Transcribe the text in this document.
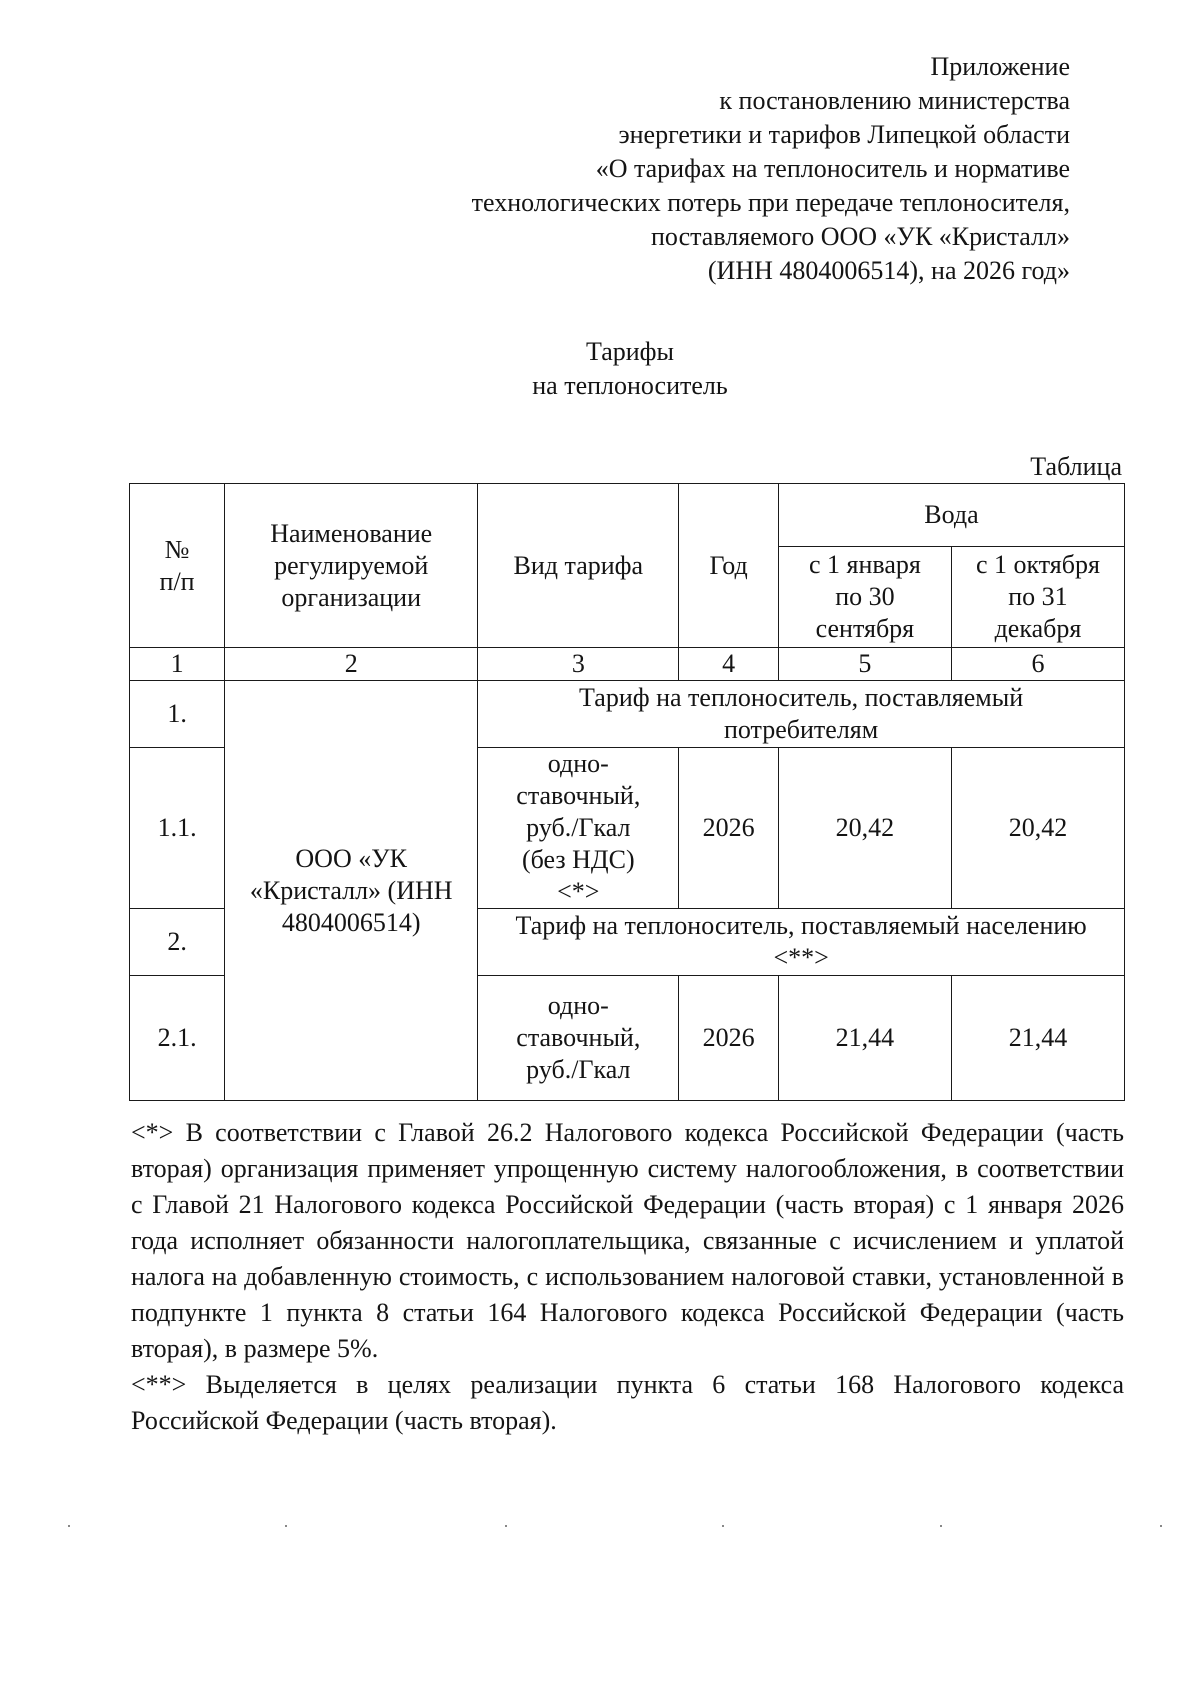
Приложение
к постановлению министерства
энергетики и тарифов Липецкой области
«О тарифах на теплоноситель и нормативе
технологических потерь при передаче теплоносителя,
поставляемого ООО «УК «Кристалл»
(ИНН 4804006514), на 2026 год»
Тарифы
на теплоноситель
Таблица
№ п/п	Наименование регулируемой организации	Вид тарифа	Год	Вода	
				с 1 января по 30 сентября	с 1 октября по 31 декабря
1	2	3	4	5	6
1.	ООО «УК «Кристалл» (ИНН 4804006514)	Тариф на теплоноситель, поставляемый потребителям			
1.1.		одно-ставочный, руб./Гкал (без НДС) <*>	2026	20,42	20,42
2.		Тариф на теплоноситель, поставляемый населению <**>			
2.1.		одно-ставочный, руб./Гкал	2026	21,44	21,44

<*> В соответствии с Главой 26.2 Налогового кодекса Российской Федерации (часть вторая) организация применяет упрощенную систему налогообложения, в соответствии с Главой 21 Налогового кодекса Российской Федерации (часть вторая) с 1 января 2026 года исполняет обязанности налогоплательщика, связанные с исчислением и уплатой налога на добавленную стоимость, с использованием налоговой ставки, установленной в подпункте 1 пункта 8 статьи 164 Налогового кодекса Российской Федерации (часть вторая), в размере 5%.

<**> Выделяется в целях реализации пункта 6 статьи 168 Налогового кодекса Российской Федерации (часть вторая).
